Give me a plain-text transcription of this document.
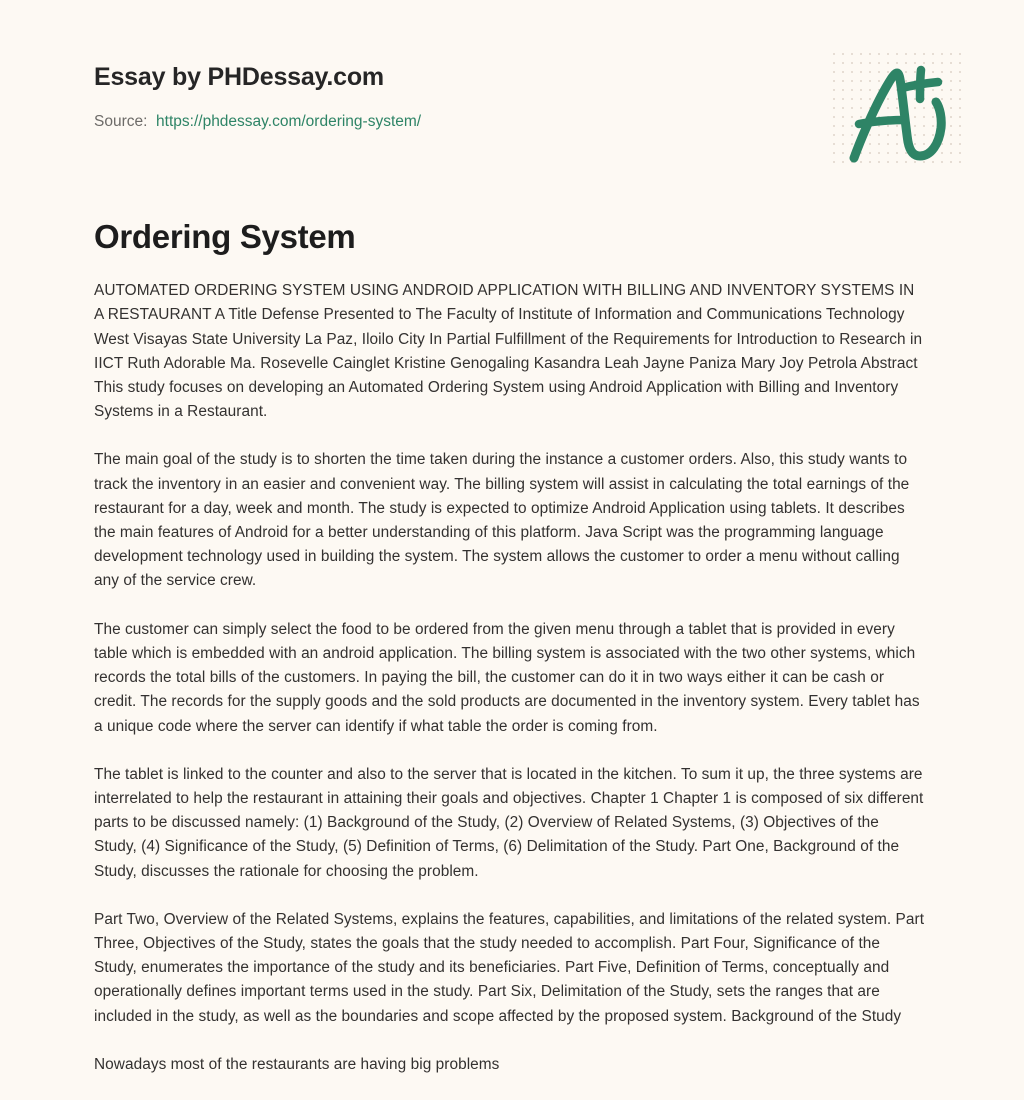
Essay by PHDessay.com
Source: https://phdessay.com/ordering-system/
Ordering System

AUTOMATED ORDERING SYSTEM USING ANDROID APPLICATION WITH BILLING AND INVENTORY SYSTEMS IN A RESTAURANT A Title Defense Presented to The Faculty of Institute of Information and Communications Technology West Visayas State University La Paz, Iloilo City In Partial Fulfillment of the Requirements for Introduction to Research in IICT Ruth Adorable Ma. Rosevelle Cainglet Kristine Genogaling Kasandra Leah Jayne Paniza Mary Joy Petrola Abstract This study focuses on developing an Automated Ordering System using Android Application with Billing and Inventory Systems in a Restaurant.

The main goal of the study is to shorten the time taken during the instance a customer orders. Also, this study wants to track the inventory in an easier and convenient way. The billing system will assist in calculating the total earnings of the restaurant for a day, week and month. The study is expected to optimize Android Application using tablets. It describes the main features of Android for a better understanding of this platform. Java Script was the programming language development technology used in building the system. The system allows the customer to order a menu without calling any of the service crew.

The customer can simply select the food to be ordered from the given menu through a tablet that is provided in every table which is embedded with an android application. The billing system is associated with the two other systems, which records the total bills of the customers. In paying the bill, the customer can do it in two ways either it can be cash or credit. The records for the supply goods and the sold products are documented in the inventory system. Every tablet has a unique code where the server can identify if what table the order is coming from.

The tablet is linked to the counter and also to the server that is located in the kitchen. To sum it up, the three systems are interrelated to help the restaurant in attaining their goals and objectives. Chapter 1 Chapter 1 is composed of six different parts to be discussed namely: (1) Background of the Study, (2) Overview of Related Systems, (3) Objectives of the Study, (4) Significance of the Study, (5) Definition of Terms, (6) Delimitation of the Study. Part One, Background of the Study, discusses the rationale for choosing the problem.

Part Two, Overview of the Related Systems, explains the features, capabilities, and limitations of the related system. Part Three, Objectives of the Study, states the goals that the study needed to accomplish. Part Four, Significance of the Study, enumerates the importance of the study and its beneficiaries. Part Five, Definition of Terms, conceptually and operationally defines important terms used in the study. Part Six, Delimitation of the Study, sets the ranges that are included in the study, as well as the boundaries and scope affected by the proposed system. Background of the Study

Nowadays most of the restaurants are having big problems
